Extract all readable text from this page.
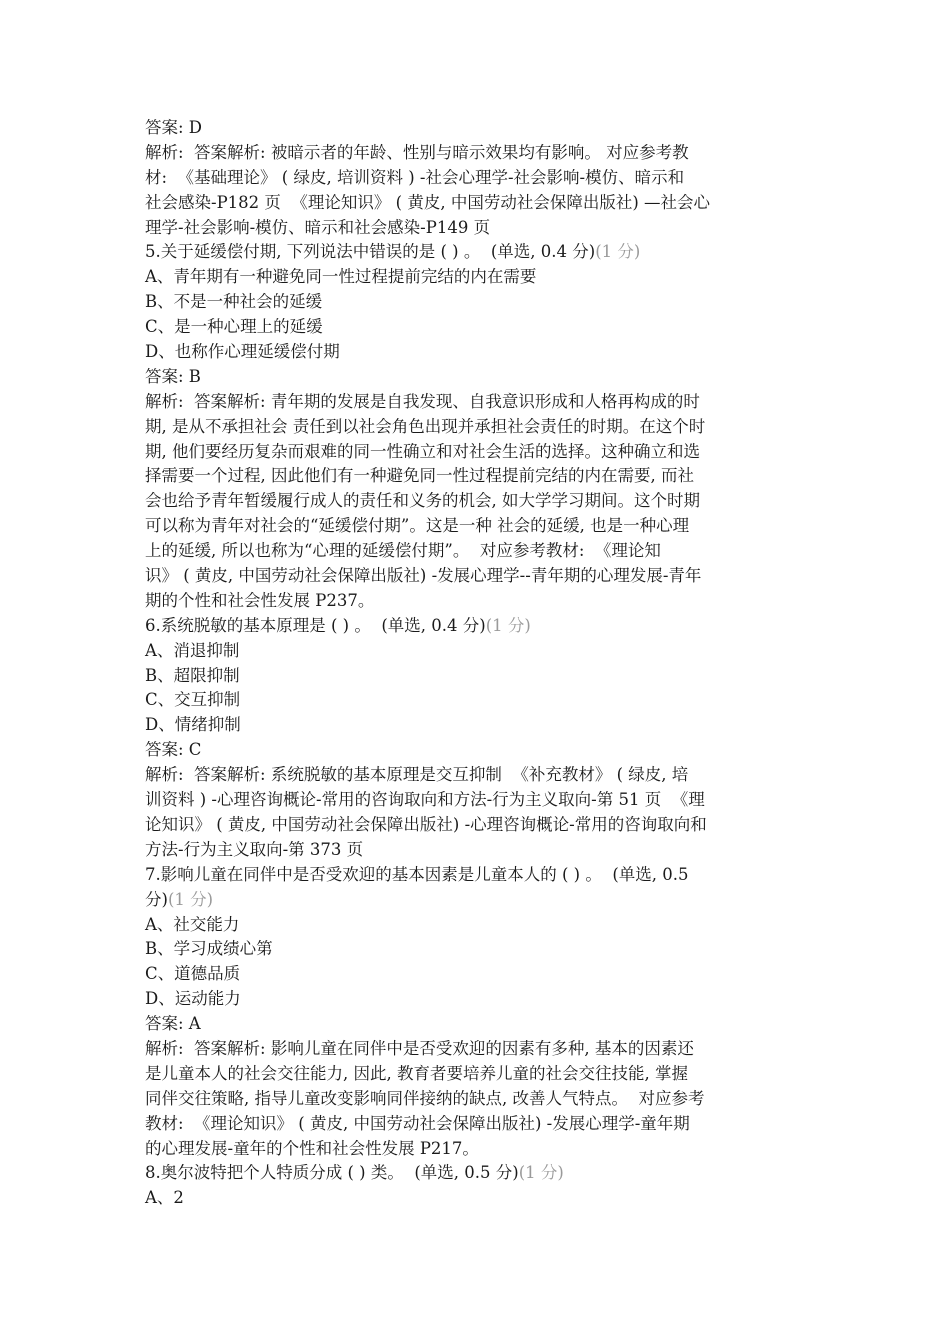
答案: D
解析:  答案解析: 被暗示者的年龄、性别与暗示效果均有影响。 对应参考教
材:  《基础理论》 ( 绿皮, 培训资料 ) -社会心理学-社会影响-模仿、暗示和
社会感染-P182 页  《理论知识》 ( 黄皮, 中国劳动社会保障出版社) —社会心
理学-社会影响-模仿、暗示和社会感染-P149 页
5.关于延缓偿付期, 下列说法中错误的是 ( ) 。  (单选, 0.4 分)(1 分)
A、青年期有一种避免同一性过程提前完结的内在需要
B、不是一种社会的延缓
C、是一种心理上的延缓
D、也称作心理延缓偿付期
答案: B
解析:  答案解析: 青年期的发展是自我发现、自我意识形成和人格再构成的时
期, 是从不承担社会 责任到以社会角色出现并承担社会责任的时期。在这个时
期, 他们要经历复杂而艰难的同一性确立和对社会生活的选择。这种确立和选
择需要一个过程, 因此他们有一种避免同一性过程提前完结的内在需要, 而社
会也给予青年暂缓履行成人的责任和义务的机会, 如大学学习期间。这个时期
可以称为青年对社会的“延缓偿付期”。这是一种 社会的延缓, 也是一种心理
上的延缓, 所以也称为“心理的延缓偿付期”。  对应参考教材:  《理论知
识》 ( 黄皮, 中国劳动社会保障出版社) -发展心理学--青年期的心理发展-青年
期的个性和社会性发展 P237。
6.系统脱敏的基本原理是 ( ) 。  (单选, 0.4 分)(1 分)
A、消退抑制
B、超限抑制
C、交互抑制
D、情绪抑制
答案: C
解析:  答案解析: 系统脱敏的基本原理是交互抑制  《补充教材》 ( 绿皮, 培
训资料 ) -心理咨询概论-常用的咨询取向和方法-行为主义取向-第 51 页  《理
论知识》 ( 黄皮, 中国劳动社会保障出版社) -心理咨询概论-常用的咨询取向和
方法-行为主义取向-第 373 页
7.影响儿童在同伴中是否受欢迎的基本因素是儿童本人的 ( ) 。  (单选, 0.5
分)(1 分)
A、社交能力
B、学习成绩心第
C、道德品质
D、运动能力
答案: A
解析:  答案解析: 影响儿童在同伴中是否受欢迎的因素有多种, 基本的因素还
是儿童本人的社会交往能力, 因此, 教育者要培养儿童的社会交往技能, 掌握
同伴交往策略, 指导儿童改变影响同伴接纳的缺点, 改善人气特点。  对应参考
教材:  《理论知识》 ( 黄皮, 中国劳动社会保障出版社) -发展心理学-童年期
的心理发展-童年的个性和社会性发展 P217。
8.奥尔波特把个人特质分成 ( ) 类。  (单选, 0.5 分)(1 分)
A、2
